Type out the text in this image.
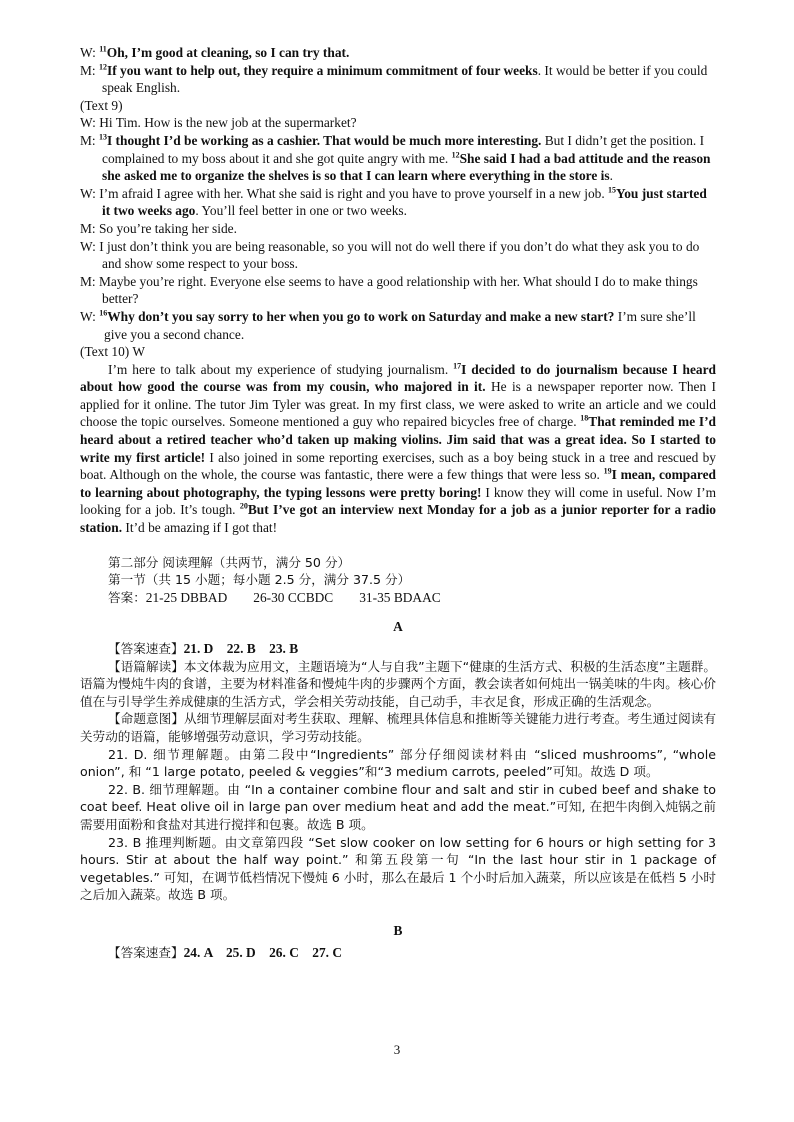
W: $^{11}$Oh, I’m good at cleaning, so I can try that.

M: $^{12}$If you want to help out, they require a minimum commitment of four weeks. It would be better if you could speak English.

(Text 9)

W: Hi Tim. How is the new job at the supermarket?

M: $^{13}$I thought I’d be working as a cashier. That would be much more interesting. But I didn’t get the position. I complained to my boss about it and she got quite angry with me. $^{12}$She said I had a bad attitude and the reason she asked me to organize the shelves is so that I can learn where everything in the store is.

W: I’m afraid I agree with her. What she said is right and you have to prove yourself in a new job. $^{15}$You just started it two weeks ago. You’ll feel better in one or two weeks.

M: So you’re taking her side.

W: I just don’t think you are being reasonable, so you will not do well there if you don’t do what they ask you to do and show some respect to your boss.

M: Maybe you’re right. Everyone else seems to have a good relationship with her. What should I do to make things better?

W: $^{16}$Why don’t you say sorry to her when you go to work on Saturday and make a new start? I’m sure she’ll give you a second chance.

(Text 10) W

I’m here to talk about my experience of studying journalism. $^{17}$I decided to do journalism because I heard about how good the course was from my cousin, who majored in it. He is a newspaper reporter now. Then I applied for it online. The tutor Jim Tyler was great. In my first class, we were asked to write an article and we could choose the topic ourselves. Someone mentioned a guy who repaired bicycles free of charge. $^{18}$That reminded me I’d heard about a retired teacher who’d taken up making violins. Jim said that was a great idea. So I started to write my first article! I also joined in some reporting exercises, such as a boy being stuck in a tree and rescued by boat. Although on the whole, the course was fantastic, there were a few things that were less so. $^{19}$I mean, compared to learning about photography, the typing lessons were pretty boring! I know they will come in useful. Now I’m looking for a job. It’s tough. $^{20}$But I’ve got an interview next Monday for a job as a junior reporter for a radio station. It’d be amazing if I got that!

第二部分 阅读理解（共两节，满分 50 分）

第一节（共 15 小题；每小题 2.5 分，满分 37.5 分）

答案：21-25 DBBAD 26-30 CCBDC 31-35 BDAAC

A

【答案速查】21. D    22. B    23. B

【语篇解读】本文体裁为应用文，主题语境为“人与自我”主题下“健康的生活方式、积极的生活态度”主题群。语篇为慢炖牛肉的食谱，主要为材料准备和慢炖牛肉的步骤两个方面，教会读者如何炖出一锅美味的牛肉。核心价值在与引导学生养成健康的生活方式，学会相关劳动技能，自己动手，丰衣足食，形成正确的生活观念。

【命题意图】从细节理解层面对考生获取、理解、梳理具体信息和推断等关键能力进行考查。考生通过阅读有关劳动的语篇，能够增强劳动意识，学习劳动技能。

21. D. 细节理解题。由第二段中“Ingredients” 部分仔细阅读材料由 “sliced mushrooms”, “whole onion”, 和 “1 large potato, peeled & veggies”和“3 medium carrots, peeled”可知。故选 D 项。

22. B. 细节理解题。由 “In a container combine flour and salt and stir in cubed beef and shake to coat beef. Heat olive oil in large pan over medium heat and add the meat.”可知, 在把牛肉倒入炖锅之前需要用面粉和食盐对其进行搅拌和包裹。故选 B 项。

23. B 推理判断题。由文章第四段 “Set slow cooker on low setting for 6 hours or high setting for 3 hours. Stir at about the half way point.” 和第五段第一句 “In the last hour stir in 1 package of vegetables.” 可知，在调节低档情况下慢炖 6 小时，那么在最后 1 个小时后加入蔬菜，所以应该是在低档 5 小时之后加入蔬菜。故选 B 项。

B

【答案速查】24. A    25. D    26. C    27. C

3
